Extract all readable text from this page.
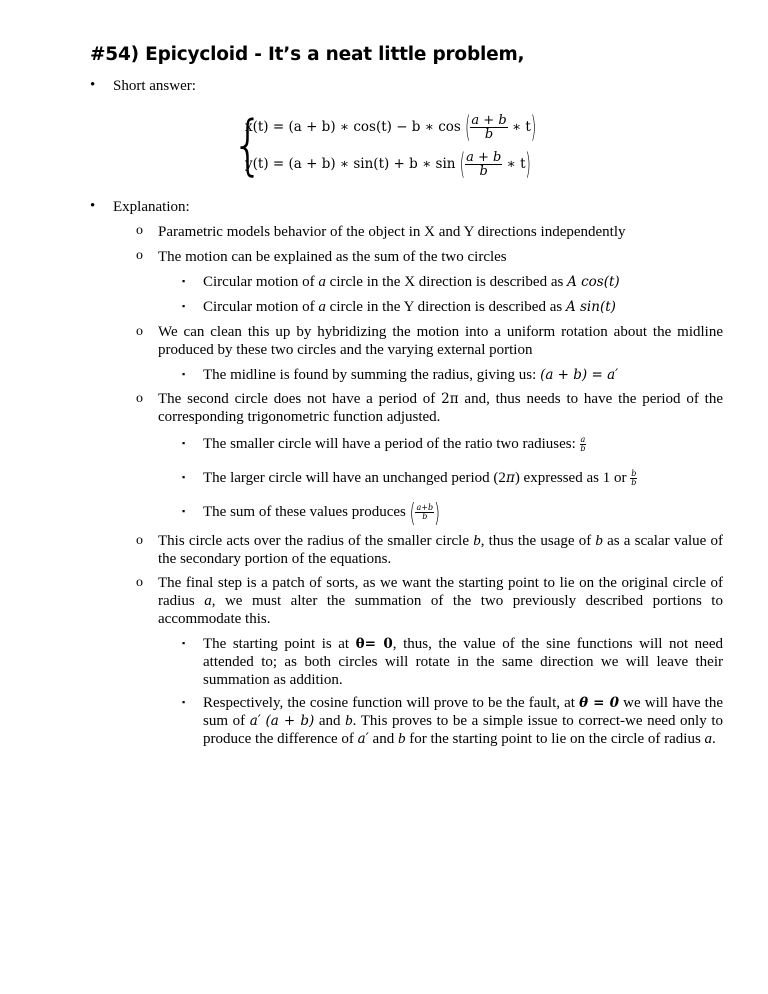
#54) Epicycloid - It’s a neat little problem,
• Short answer:
{
x(t) = (a + b) ∗ cos(t) − b ∗ cos ( $\frac{a + b}{b}$ ∗ t)
y(t) = (a + b) ∗ sin(t) + b ∗ sin ( $\frac{a + b}{b}$ ∗ t)
• Explanation:
o Parametric models behavior of the object in X and Y directions independently
o The motion can be explained as the sum of the two circles
▪ Circular motion of a circle in the X direction is described as A cos(t)
▪ Circular motion of a circle in the Y direction is described as A sin(t)
o We can clean this up by hybridizing the motion into a uniform rotation about the midline produced by these two circles and the varying external portion
▪ The midline is found by summing the radius, giving us: (a + b) = a′
o The second circle does not have a period of 2π and, thus needs to have the period of the corresponding trigonometric function adjusted.
▪ The smaller circle will have a period of the ratio two radiuses: $\frac{a}{b}$
▪ The larger circle will have an unchanged period (2π) expressed as 1 or $\frac{b}{b}$
▪ The sum of these values produces ( $\frac{a+b}{b}$ )
o This circle acts over the radius of the smaller circle b, thus the usage of b as a scalar value of the secondary portion of the equations.
o The final step is a patch of sorts, as we want the starting point to lie on the original circle of radius a, we must alter the summation of the two previously described portions to accommodate this.
▪ The starting point is at θ= 0, thus, the value of the sine functions will not need attended to; as both circles will rotate in the same direction we will leave their summation as addition.
▪ Respectively, the cosine function will prove to be the fault, at θ = 0 we will have the sum of a′ (a + b) and b. This proves to be a simple issue to correct-we need only to produce the difference of a′ and b for the starting point to lie on the circle of radius a.
